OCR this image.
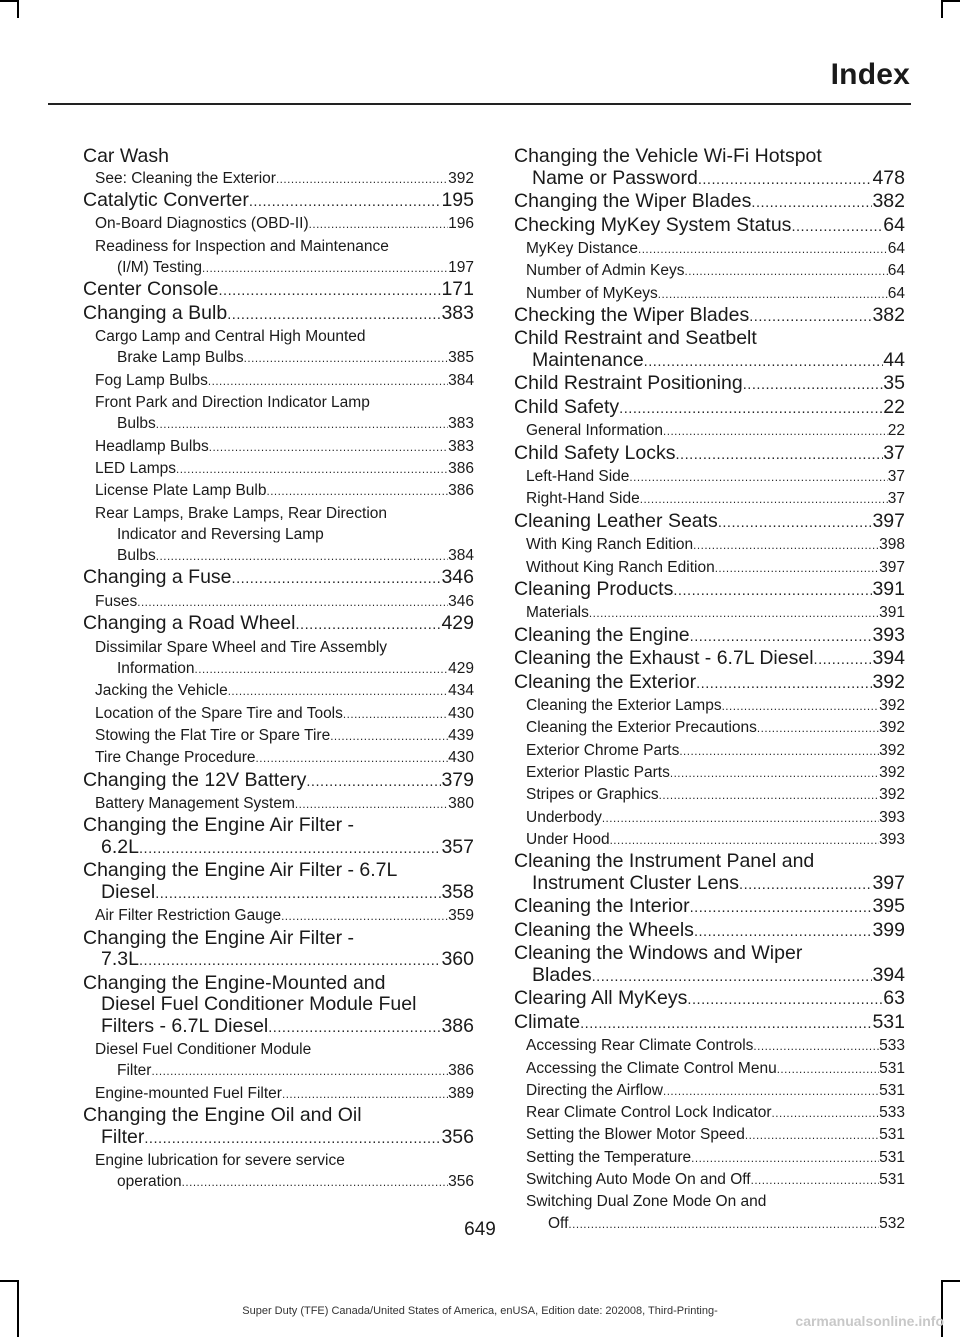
Index
Car Wash
See: Cleaning the Exterior .....	392
Catalytic Converter .....	195
On-Board Diagnostics (OBD-II) .....	196
Readiness for Inspection and Maintenance
(I/M) Testing .....	197
Center Console .....	171
Changing a Bulb .....	383
Cargo Lamp and Central High Mounted
Brake Lamp Bulbs .....	385
Fog Lamp Bulbs .....	384
Front Park and Direction Indicator Lamp
Bulbs .....	383
Headlamp Bulbs .....	383
LED Lamps .....	386
License Plate Lamp Bulb .....	386
Rear Lamps, Brake Lamps, Rear Direction
Indicator and Reversing Lamp
Bulbs .....	384
Changing a Fuse .....	346
Fuses .....	346
Changing a Road Wheel .....	429
Dissimilar Spare Wheel and Tire Assembly
Information .....	429
Jacking the Vehicle .....	434
Location of the Spare Tire and Tools .....	430
Stowing the Flat Tire or Spare Tire .....	439
Tire Change Procedure .....	430
Changing the 12V Battery .....	379
Battery Management System .....	380
Changing the Engine Air Filter -
6.2L .....	357
Changing the Engine Air Filter - 6.7L
Diesel .....	358
Air Filter Restriction Gauge .....	359
Changing the Engine Air Filter -
7.3L .....	360
Changing the Engine-Mounted and
Diesel Fuel Conditioner Module Fuel
Filters - 6.7L Diesel .....	386
Diesel Fuel Conditioner Module
Filter .....	386
Engine-mounted Fuel Filter .....	389
Changing the Engine Oil and Oil
Filter .....	356
Engine lubrication for severe service
operation .....	356
Changing the Vehicle Wi-Fi Hotspot
Name or Password .....	478
Changing the Wiper Blades .....	382
Checking MyKey System Status .....	64
MyKey Distance .....	64
Number of Admin Keys .....	64
Number of MyKeys .....	64
Checking the Wiper Blades .....	382
Child Restraint and Seatbelt
Maintenance .....	44
Child Restraint Positioning .....	35
Child Safety .....	22
General Information .....	22
Child Safety Locks .....	37
Left-Hand Side .....	37
Right-Hand Side .....	37
Cleaning Leather Seats .....	397
With King Ranch Edition .....	398
Without King Ranch Edition .....	397
Cleaning Products .....	391
Materials .....	391
Cleaning the Engine .....	393
Cleaning the Exhaust - 6.7L Diesel .....	394
Cleaning the Exterior .....	392
Cleaning the Exterior Lamps .....	392
Cleaning the Exterior Precautions .....	392
Exterior Chrome Parts .....	392
Exterior Plastic Parts .....	392
Stripes or Graphics .....	392
Underbody .....	393
Under Hood .....	393
Cleaning the Instrument Panel and
Instrument Cluster Lens .....	397
Cleaning the Interior .....	395
Cleaning the Wheels .....	399
Cleaning the Windows and Wiper
Blades .....	394
Clearing All MyKeys .....	63
Climate .....	531
Accessing Rear Climate Controls .....	533
Accessing the Climate Control Menu .....	531
Directing the Airflow .....	531
Rear Climate Control Lock Indicator .....	533
Setting the Blower Motor Speed .....	531
Setting the Temperature .....	531
Switching Auto Mode On and Off .....	531
Switching Dual Zone Mode On and
Off .....	532
649
Super Duty (TFE) Canada/United States of America, enUSA, Edition date: 202008, Third-Printing-
carmanualsonline.info
